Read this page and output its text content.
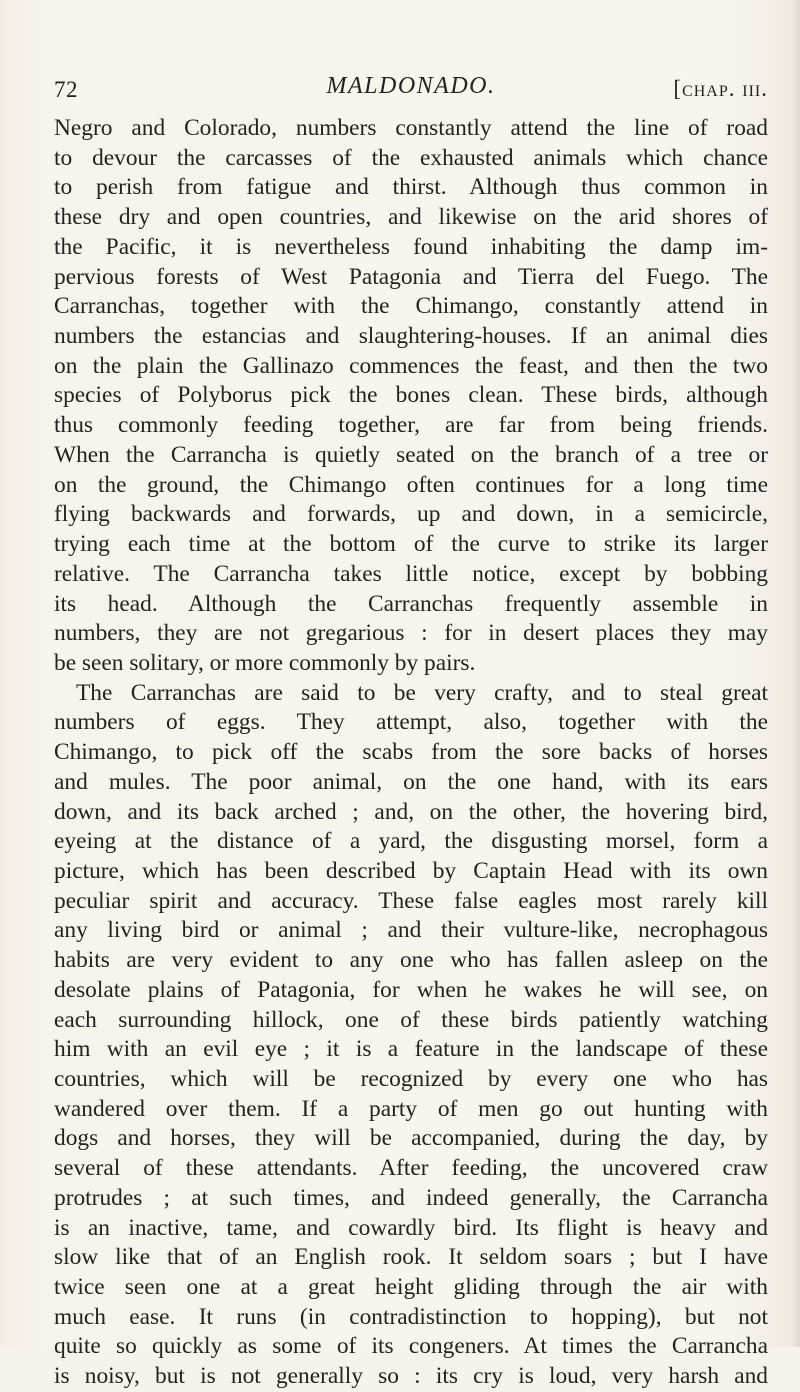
72	MALDONADO.	[chap. iii.
Negro and Colorado, numbers constantly attend the line of road
to devour the carcasses of the exhausted animals which chance
to perish from fatigue and thirst. Although thus common in
these dry and open countries, and likewise on the arid shores of
the Pacific, it is nevertheless found inhabiting the damp im-
pervious forests of West Patagonia and Tierra del Fuego. The
Carranchas, together with the Chimango, constantly attend in
numbers the estancias and slaughtering-houses. If an animal dies
on the plain the Gallinazo commences the feast, and then the two
species of Polyborus pick the bones clean. These birds, although
thus commonly feeding together, are far from being friends.
When the Carrancha is quietly seated on the branch of a tree or
on the ground, the Chimango often continues for a long time
flying backwards and forwards, up and down, in a semicircle,
trying each time at the bottom of the curve to strike its larger
relative. The Carrancha takes little notice, except by bobbing
its head. Although the Carranchas frequently assemble in
numbers, they are not gregarious : for in desert places they may
be seen solitary, or more commonly by pairs.
The Carranchas are said to be very crafty, and to steal great
numbers of eggs. They attempt, also, together with the
Chimango, to pick off the scabs from the sore backs of horses
and mules. The poor animal, on the one hand, with its ears
down, and its back arched ; and, on the other, the hovering bird,
eyeing at the distance of a yard, the disgusting morsel, form a
picture, which has been described by Captain Head with its own
peculiar spirit and accuracy. These false eagles most rarely kill
any living bird or animal ; and their vulture-like, necrophagous
habits are very evident to any one who has fallen asleep on the
desolate plains of Patagonia, for when he wakes he will see, on
each surrounding hillock, one of these birds patiently watching
him with an evil eye ; it is a feature in the landscape of these
countries, which will be recognized by every one who has
wandered over them. If a party of men go out hunting with
dogs and horses, they will be accompanied, during the day, by
several of these attendants. After feeding, the uncovered craw
protrudes ; at such times, and indeed generally, the Carrancha
is an inactive, tame, and cowardly bird. Its flight is heavy and
slow like that of an English rook. It seldom soars ; but I have
twice seen one at a great height gliding through the air with
much ease. It runs (in contradistinction to hopping), but not
quite so quickly as some of its congeners. At times the Carrancha
is noisy, but is not generally so : its cry is loud, very harsh and
